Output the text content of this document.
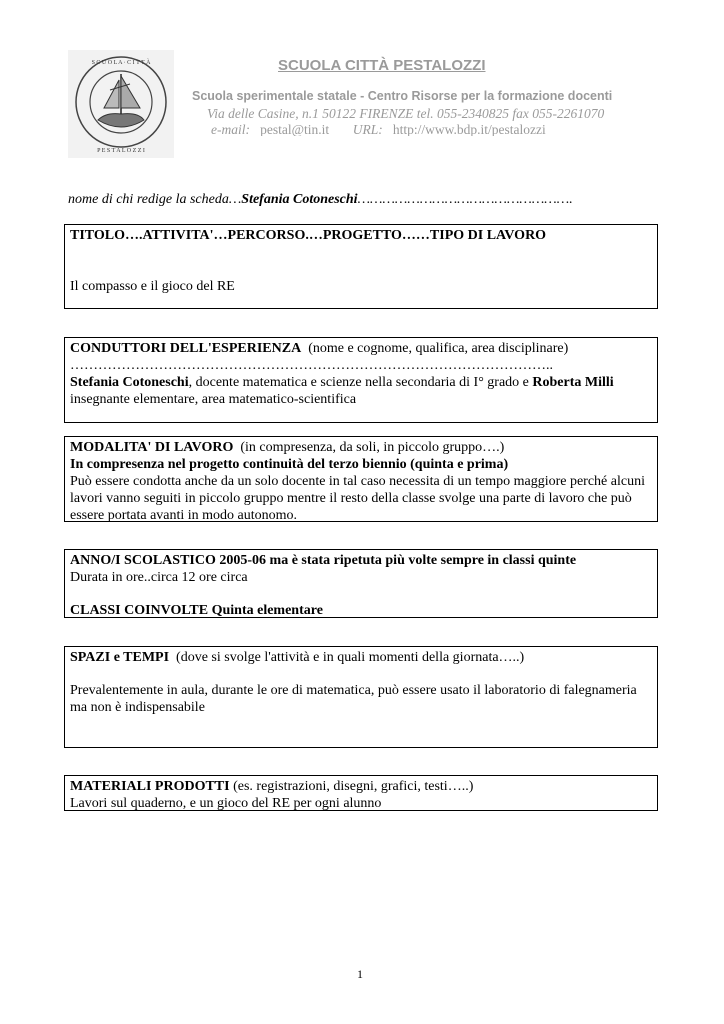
S C U O L A · C I T T À
P E S T A L O Z Z I
SCUOLA CITTÀ PESTALOZZI
Scuola sperimentale statale - Centro Risorse per la formazione docenti
Via delle Casine, n.1 50122 FIRENZE tel. 055-2340825 fax 055-2261070
e-mail: pestal@tin.it URL: http://www.bdp.it/pestalozzi
nome di chi redige la scheda…Stefania Cotoneschi…………………………………………….

TITOLO….ATTIVITA'…PERCORSO.…PROGETTO……TIPO DI LAVORO

Il compasso e il gioco del RE

CONDUTTORI DELL'ESPERIENZA (nome e cognome, qualifica, area disciplinare)

…………………………………………………………………………………………..

Stefania Cotoneschi, docente matematica e scienze nella secondaria di I° grado e Roberta Milli

insegnante elementare, area matematico-scientifica

MODALITA' DI LAVORO (in compresenza, da soli, in piccolo gruppo….)

In compresenza nel progetto continuità del terzo biennio (quinta e prima)

Può essere condotta anche da un solo docente in tal caso necessita di un tempo maggiore perché alcuni lavori vanno seguiti in piccolo gruppo mentre il resto della classe svolge una parte di lavoro che può essere portata avanti in modo autonomo.

ANNO/I SCOLASTICO 2005-06 ma è stata ripetuta più volte sempre in classi quinte

Durata in ore..circa 12 ore circa

CLASSI COINVOLTE Quinta elementare

SPAZI e TEMPI (dove si svolge l'attività e in quali momenti della giornata…..)

Prevalentemente in aula, durante le ore di matematica, può essere usato il laboratorio di falegnameria ma non è indispensabile

MATERIALI PRODOTTI (es. registrazioni, disegni, grafici, testi…..)

Lavori sul quaderno, e un gioco del RE per ogni alunno

1
